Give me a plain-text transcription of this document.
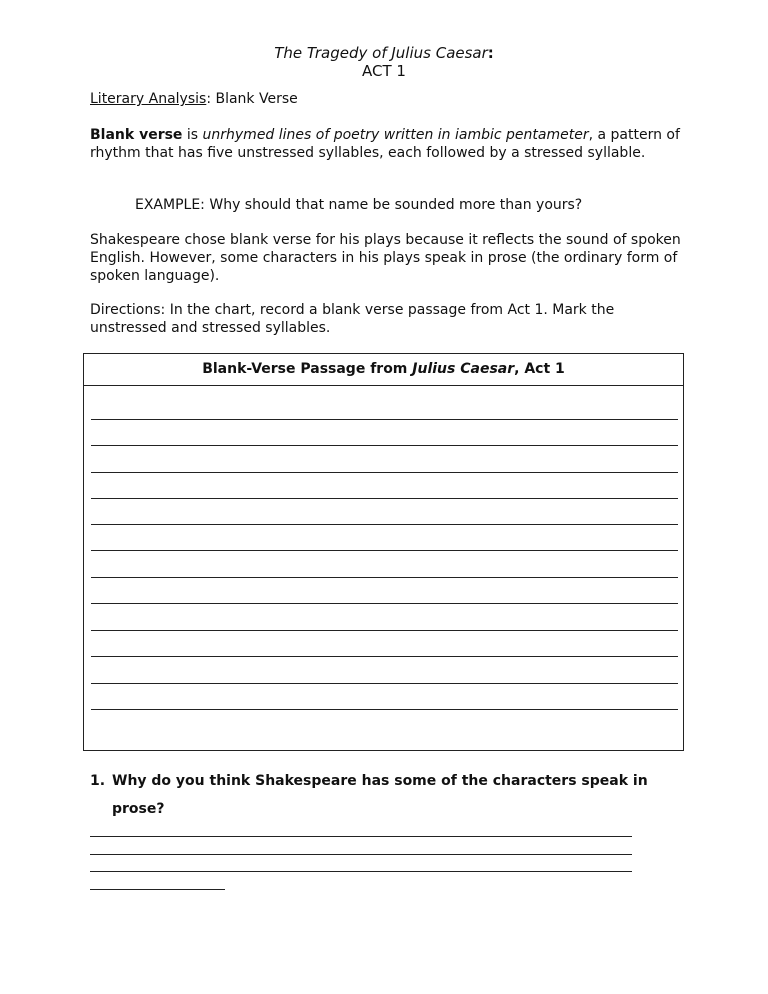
The Tragedy of Julius Caesar:
ACT 1
Literary Analysis: Blank Verse
Blank verse is unrhymed lines of poetry written in iambic pentameter, a pattern of rhythm that has five unstressed syllables, each followed by a stressed syllable.
EXAMPLE: Why should that name be sounded more than yours?
Shakespeare chose blank verse for his plays because it reflects the sound of spoken English. However, some characters in his plays speak in prose (the ordinary form of spoken language).
Directions: In the chart, record a blank verse passage from Act 1. Mark the unstressed and stressed syllables.
Blank-Verse Passage from Julius Caesar, Act 1
1. Why do you think Shakespeare has some of the characters speak in prose?
